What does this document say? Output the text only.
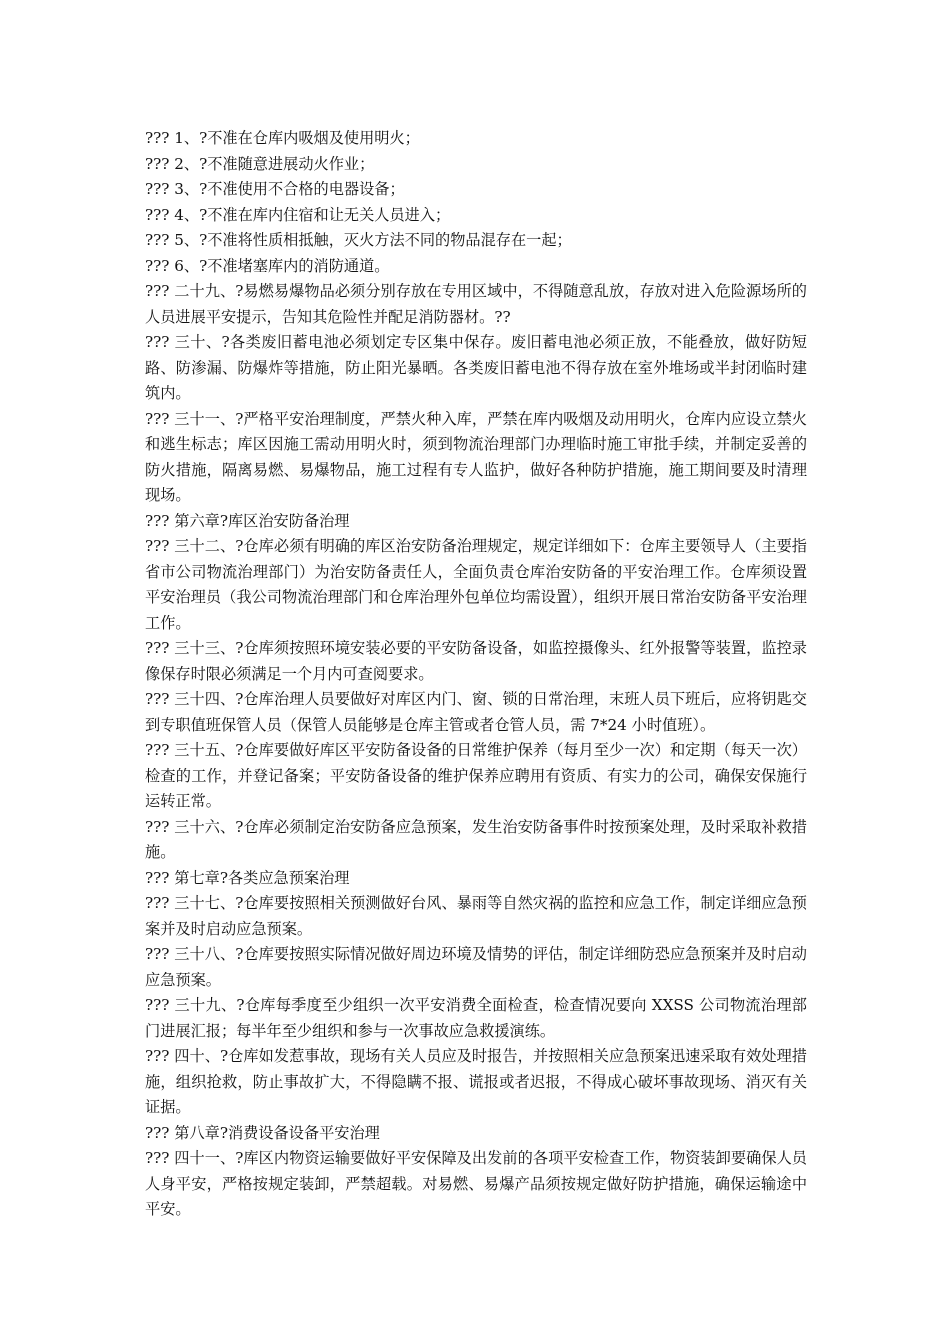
??? 1、?不准在仓库内吸烟及使用明火；

??? 2、?不准随意进展动火作业；

??? 3、?不准使用不合格的电器设备；

??? 4、?不准在库内住宿和让无关人员进入；

??? 5、?不准将性质相抵触，灭火方法不同的物品混存在一起；

??? 6、?不准堵塞库内的消防通道。

??? 二十九、?易燃易爆物品必须分别存放在专用区域中，不得随意乱放，存放对进入危险源场所的人员进展平安提示，告知其危险性并配足消防器材。??

??? 三十、?各类废旧蓄电池必须划定专区集中保存。废旧蓄电池必须正放，不能叠放，做好防短路、防渗漏、防爆炸等措施，防止阳光暴晒。各类废旧蓄电池不得存放在室外堆场或半封闭临时建筑内。

??? 三十一、?严格平安治理制度，严禁火种入库，严禁在库内吸烟及动用明火，仓库内应设立禁火和逃生标志；库区因施工需动用明火时，须到物流治理部门办理临时施工审批手续，并制定妥善的防火措施，隔离易燃、易爆物品，施工过程有专人监护，做好各种防护措施，施工期间要及时清理现场。

??? 第六章?库区治安防备治理

??? 三十二、?仓库必须有明确的库区治安防备治理规定，规定详细如下：仓库主要领导人（主要指省市公司物流治理部门）为治安防备责任人，全面负责仓库治安防备的平安治理工作。仓库须设置平安治理员（我公司物流治理部门和仓库治理外包单位均需设置），组织开展日常治安防备平安治理工作。

??? 三十三、?仓库须按照环境安装必要的平安防备设备，如监控摄像头、红外报警等装置，监控录像保存时限必须满足一个月内可查阅要求。

??? 三十四、?仓库治理人员要做好对库区内门、窗、锁的日常治理，末班人员下班后，应将钥匙交到专职值班保管人员（保管人员能够是仓库主管或者仓管人员，需 7*24 小时值班）。

??? 三十五、?仓库要做好库区平安防备设备的日常维护保养（每月至少一次）和定期（每天一次）检查的工作，并登记备案；平安防备设备的维护保养应聘用有资质、有实力的公司，确保安保施行运转正常。

??? 三十六、?仓库必须制定治安防备应急预案，发生治安防备事件时按预案处理，及时采取补救措施。

??? 第七章?各类应急预案治理

??? 三十七、?仓库要按照相关预测做好台风、暴雨等自然灾祸的监控和应急工作，制定详细应急预案并及时启动应急预案。

??? 三十八、?仓库要按照实际情况做好周边环境及情势的评估，制定详细防恐应急预案并及时启动应急预案。

??? 三十九、?仓库每季度至少组织一次平安消费全面检查，检查情况要向 XXSS 公司物流治理部门进展汇报；每半年至少组织和参与一次事故应急救援演练。

??? 四十、?仓库如发惹事故，现场有关人员应及时报告，并按照相关应急预案迅速采取有效处理措施，组织抢救，防止事故扩大，不得隐瞒不报、谎报或者迟报，不得成心破坏事故现场、消灭有关证据。

??? 第八章?消费设备设备平安治理

??? 四十一、?库区内物资运输要做好平安保障及出发前的各项平安检查工作，物资装卸要确保人员人身平安，严格按规定装卸，严禁超载。对易燃、易爆产品须按规定做好防护措施，确保运输途中平安。
